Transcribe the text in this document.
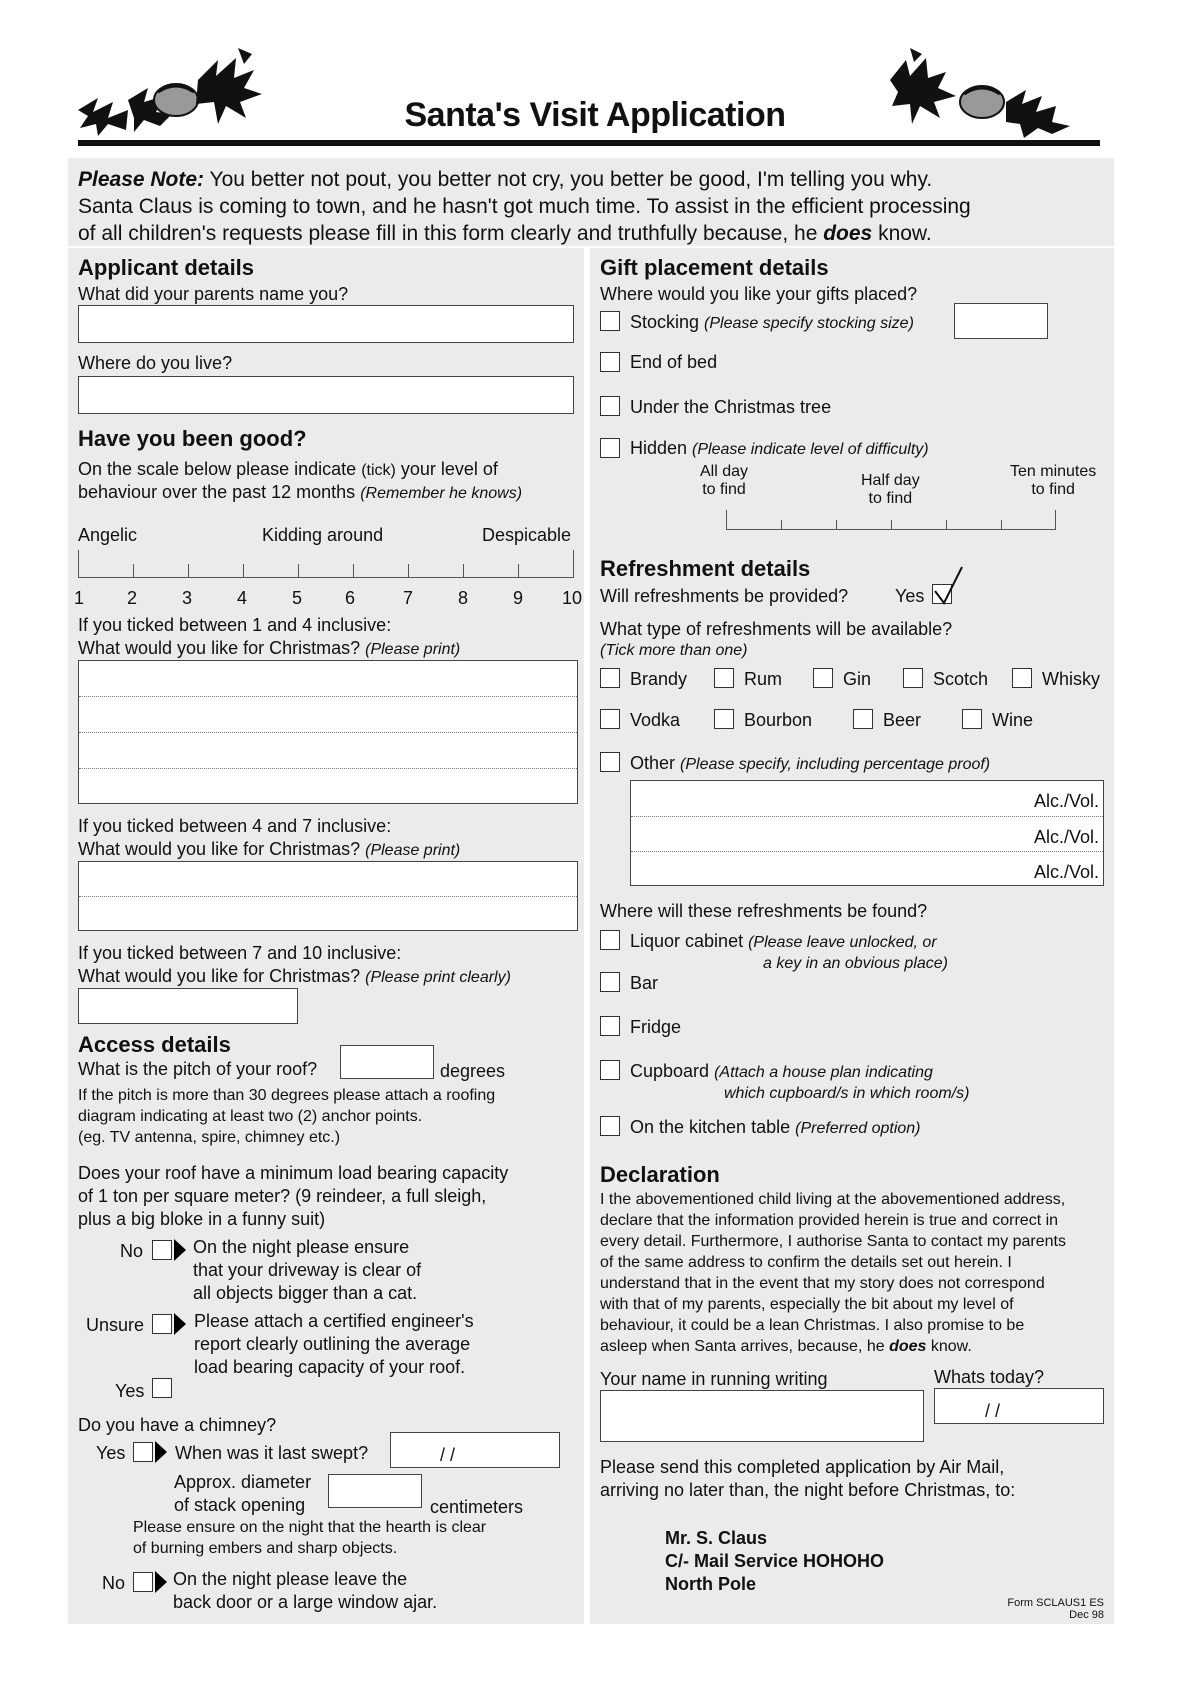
Santa's Visit Application
Please Note: You better not pout, you better not cry, you better be good, I'm telling you why.
Santa Claus is coming to town, and he hasn't got much time. To assist in the efficient processing
of all children's requests please fill in this form clearly and truthfully because, he does know.
Applicant details
What did your parents name you?
Where do you live?
Have you been good?
On the scale below please indicate (tick) your level of
behaviour over the past 12 months (Remember he knows)
Angelic	Kidding around	Despicable
1 2 3 4 5 6	7 8 9 10
If you ticked between 1 and 4 inclusive:
What would you like for Christmas? (Please print)
If you ticked between 4 and 7 inclusive:
What would you like for Christmas? (Please print)
If you ticked between 7 and 10 inclusive:
What would you like for Christmas? (Please print clearly)
Access details
What is the pitch of your roof?	degrees
If the pitch is more than 30 degrees please attach a roofing
diagram indicating at least two (2) anchor points.
(eg. TV antenna, spire, chimney etc.)
Does your roof have a minimum load bearing capacity
of 1 ton per square meter? (9 reindeer, a full sleigh,
plus a big bloke in a funny suit)
No	On the night please ensure
that your driveway is clear of
all objects bigger than a cat.
Unsure	Please attach a certified engineer's
report clearly outlining the average
load bearing capacity of your roof.
Yes
Do you have a chimney?
Yes	When was it last swept?	/ /
Approx. diameter
of stack opening	centimeters
Please ensure on the night that the hearth is clear
of burning embers and sharp objects.
No	On the night please leave the
back door or a large window ajar.
Gift placement details
Where would you like your gifts placed?
Stocking (Please specify stocking size)
End of bed
Under the Christmas tree
Hidden (Please indicate level of difficulty)
All day
to find
Half day
to find
Ten minutes
to find
Refreshment details
Will refreshments be provided?	Yes
What type of refreshments will be available?
(Tick more than one)
Brandy	Rum	Gin	Scotch	Whisky
Vodka	Bourbon	Beer	Wine
Other (Please specify, including percentage proof)
Alc./Vol.
Alc./Vol.
Alc./Vol.
Where will these refreshments be found?
Liquor cabinet (Please leave unlocked, or
a key in an obvious place)
Bar
Fridge
Cupboard (Attach a house plan indicating
which cupboard/s in which room/s)
On the kitchen table (Preferred option)
Declaration
I the abovementioned child living at the abovementioned address,
declare that the information provided herein is true and correct in
every detail. Furthermore, I authorise Santa to contact my parents
of the same address to confirm the details set out herein. I
understand that in the event that my story does not correspond
with that of my parents, especially the bit about my level of
behaviour, it could be a lean Christmas. I also promise to be
asleep when Santa arrives, because, he does know.
Your name in running writing	Whats today?
/ /
Please send this completed application by Air Mail,
arriving no later than, the night before Christmas, to:
Mr. S. Claus
C/- Mail Service HOHOHO
North Pole
Form SCLAUS1 ES
Dec 98
